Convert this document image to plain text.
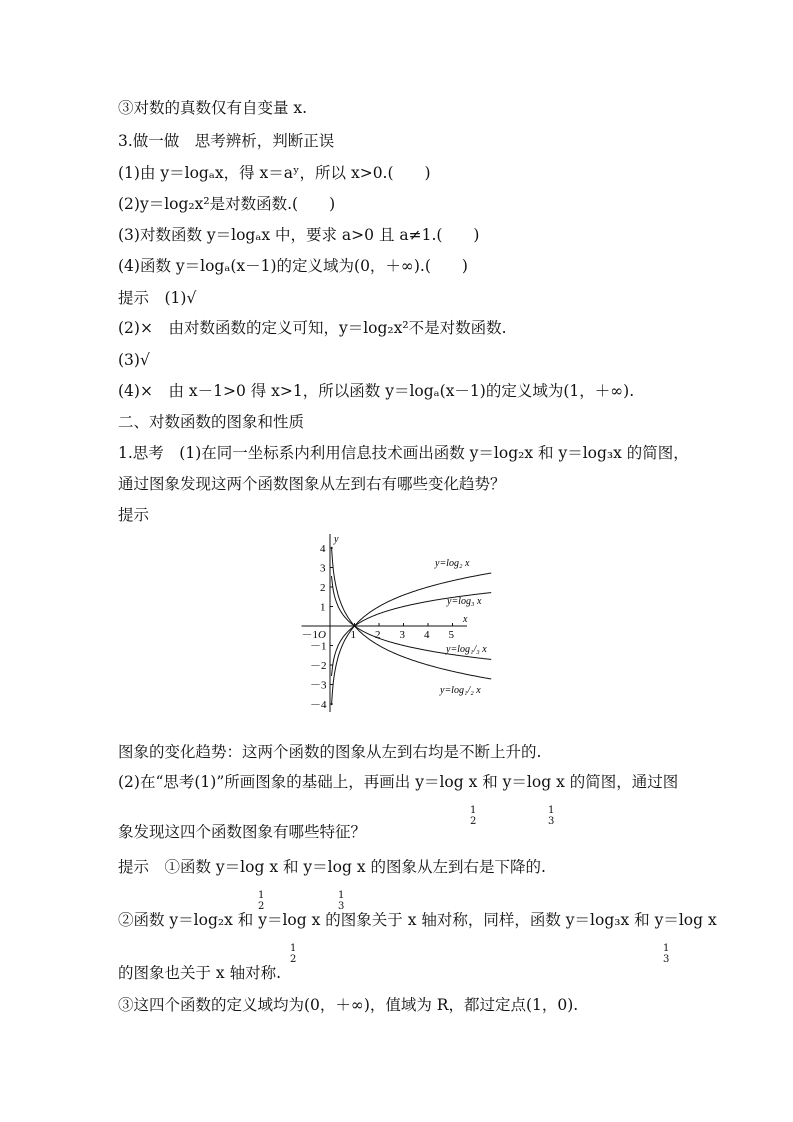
③对数的真数仅有自变量 x.
3.做一做　思考辨析，判断正误
(1)由 y＝logₐx，得 x＝aʸ，所以 x>0.(　　)
(2)y＝log₂x²是对数函数.(　　)
(3)对数函数 y＝logₐx 中，要求 a>0 且 a≠1.(　　)
(4)函数 y＝logₐ(x－1)的定义域为(0，＋∞).(　　)
提示　(1)√
(2)×　由对数函数的定义可知，y＝log₂x²不是对数函数.
(3)√
(4)×　由 x－1>0 得 x>1，所以函数 y＝logₐ(x－1)的定义域为(1，＋∞).
二、对数函数的图象和性质
1.思考　(1)在同一坐标系内利用信息技术画出函数 y＝log₂x 和 y＝log₃x 的简图，
通过图象发现这两个函数图象从左到右有哪些变化趋势？
提示
x
y
－1 O 1 2 3 4 5
4
3
2
1
－1
－2
－3
－4
y=log₂ x
y=log₃ x
y=log₁/₃ x
y=log₁/₂ x
图象的变化趋势：这两个函数的图象从左到右均是不断上升的.
(2)在“思考(1)”所画图象的基础上，再画出 y＝log x 和 y＝log x 的简图，通过图
1
2
1
3
象发现这四个函数图象有哪些特征？
提示　①函数 y＝log x 和 y＝log x 的图象从左到右是下降的.
1
2
1
3
②函数 y＝log₂x 和 y＝log x 的图象关于 x 轴对称，同样，函数 y＝log₃x 和 y＝log x
1
2
1
3
的图象也关于 x 轴对称.
③这四个函数的定义域均为(0，＋∞)，值域为 R，都过定点(1，0).
